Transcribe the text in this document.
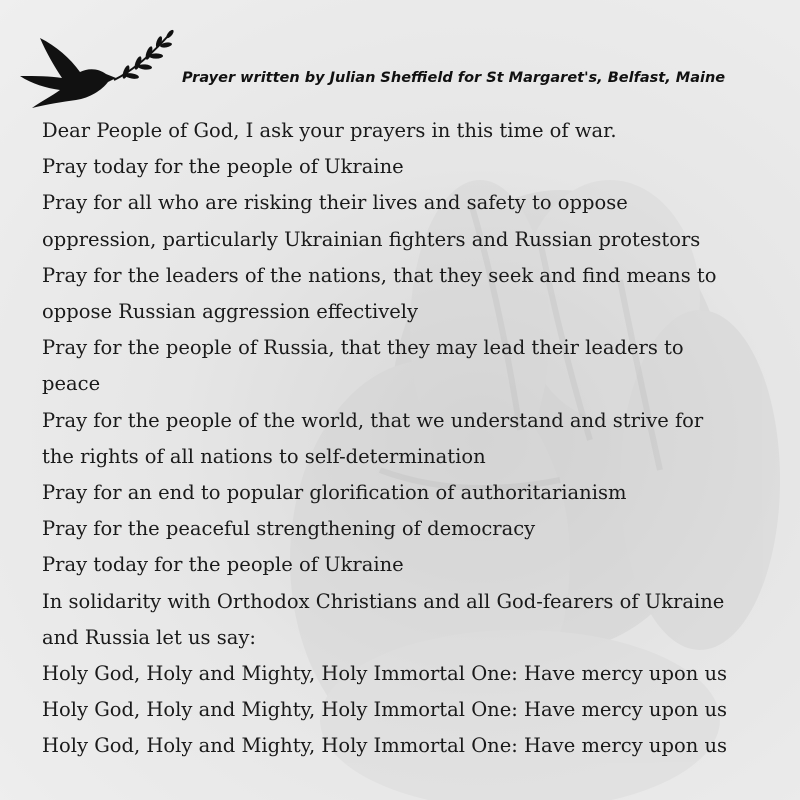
Prayer written by Julian Sheffield for St Margaret's, Belfast, Maine
Dear People of God, I ask your prayers in this time of war.
Pray today for the people of Ukraine
Pray for all who are risking their lives and safety to oppose
oppression, particularly Ukrainian fighters and Russian protestors
Pray for the leaders of the nations, that they seek and find means to
oppose Russian aggression effectively
Pray for the people of Russia, that they may lead their leaders to
peace
Pray for the people of the world, that we understand and strive for
the rights of all nations to self-determination
Pray for an end to popular glorification of authoritarianism
Pray for the peaceful strengthening of democracy
Pray today for the people of Ukraine
In solidarity with Orthodox Christians and all God-fearers of Ukraine
and Russia let us say:
Holy God, Holy and Mighty, Holy Immortal One: Have mercy upon us
Holy God, Holy and Mighty, Holy Immortal One: Have mercy upon us
Holy God, Holy and Mighty, Holy Immortal One: Have mercy upon us
